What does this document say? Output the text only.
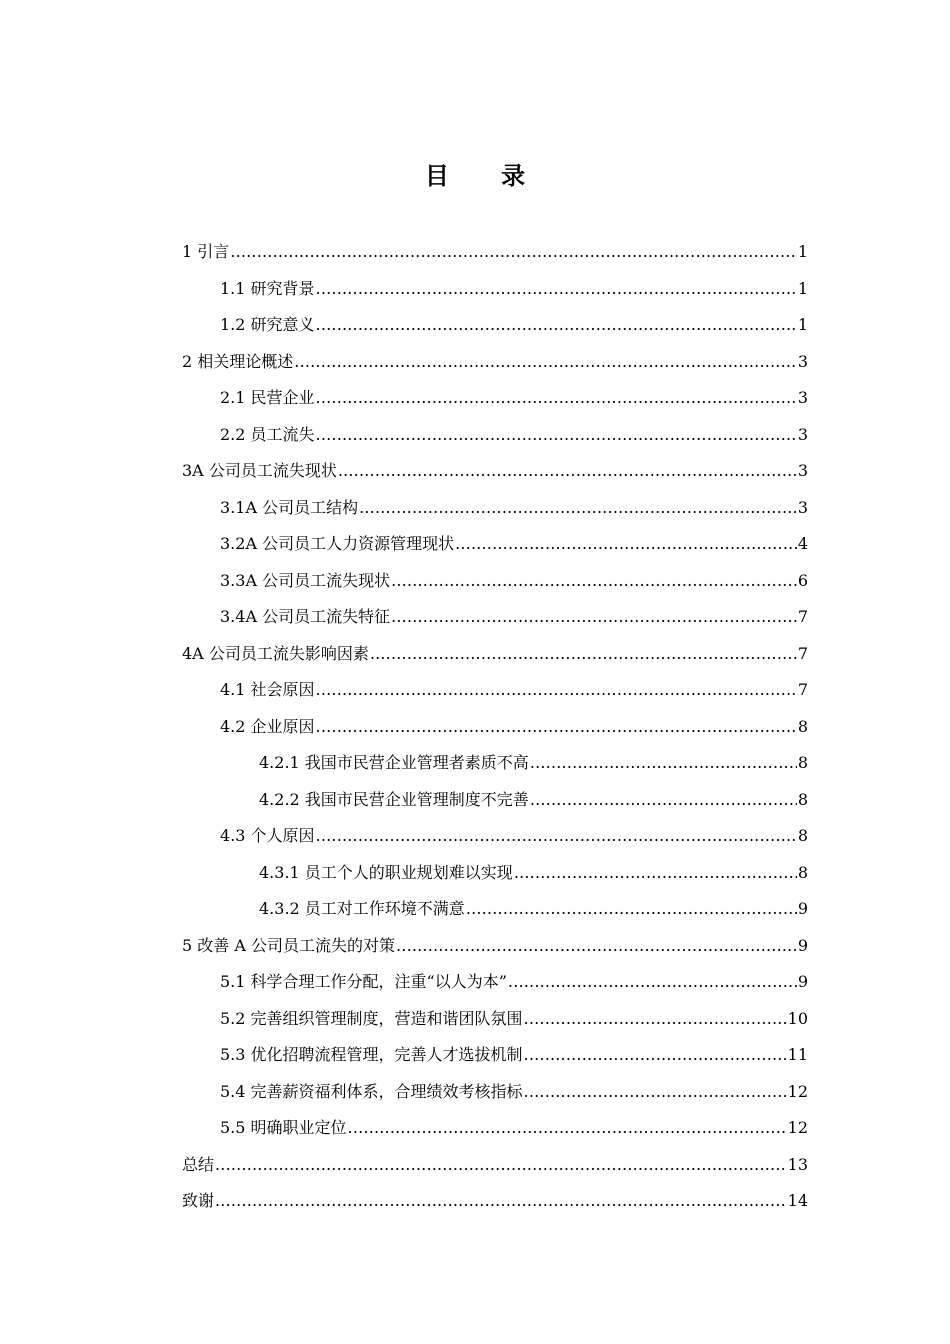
目 录
1 引言 .....	1
1.1 研究背景 .....	1
1.2 研究意义 .....	1
2 相关理论概述 .....	3
2.1 民营企业 .....	3
2.2 员工流失 .....	3
3A 公司员工流失现状 .....	3
3.1A 公司员工结构 .....	3
3.2A 公司员工人力资源管理现状 .....	4
3.3A 公司员工流失现状 .....	6
3.4A 公司员工流失特征 .....	7
4A 公司员工流失影响因素 .....	7
4.1 社会原因 .....	7
4.2 企业原因 .....	8
4.2.1 我国市民营企业管理者素质不高 .....	8
4.2.2 我国市民营企业管理制度不完善 .....	8
4.3 个人原因 .....	8
4.3.1 员工个人的职业规划难以实现 .....	8
4.3.2 员工对工作环境不满意 .....	9
5 改善 A 公司员工流失的对策 .....	9
5.1 科学合理工作分配，注重“以人为本” .....	9
5.2 完善组织管理制度，营造和谐团队氛围 .....	10
5.3 优化招聘流程管理，完善人才选拔机制 .....	11
5.4 完善薪资福利体系，合理绩效考核指标 .....	12
5.5 明确职业定位 .....	12
总结 .....	13
致谢 .....	14
